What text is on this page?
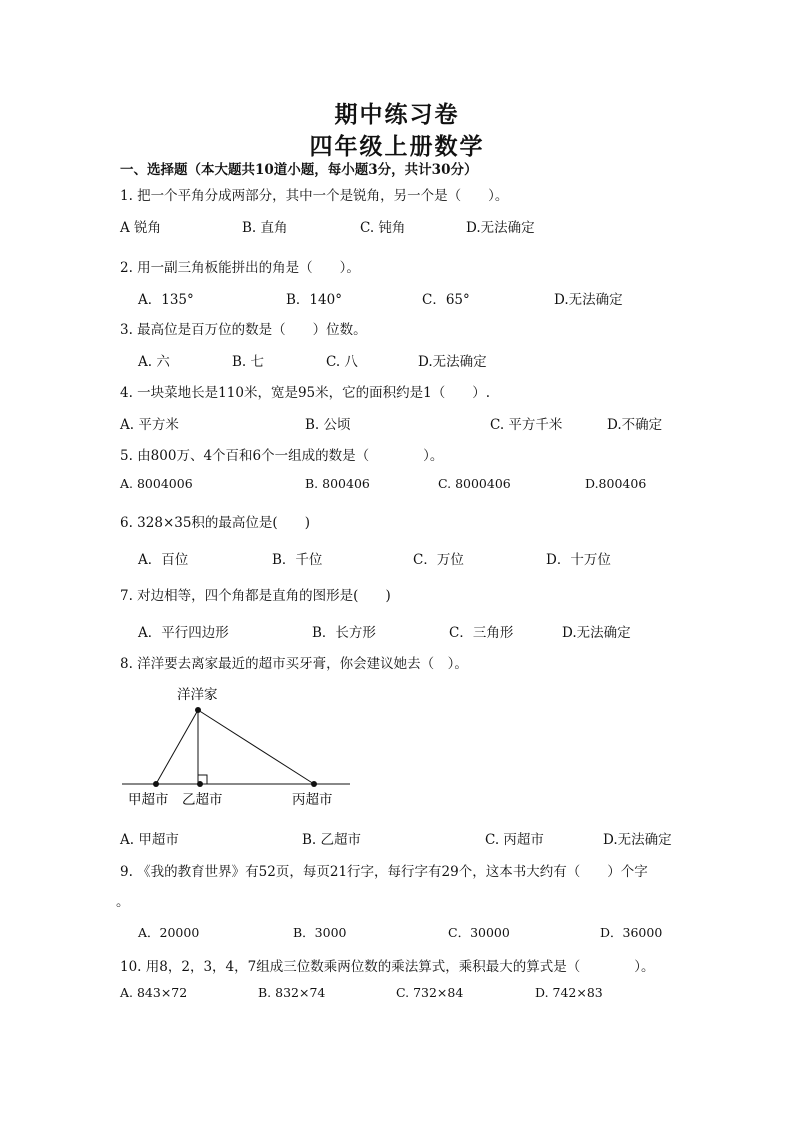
期中练习卷
四年级上册数学
一、选择题（本大题共10道小题，每小题3分，共计30分）
1. 把一个平角分成两部分，其中一个是锐角，另一个是（　　）。
A 锐角	B. 直角	C. 钝角	D.无法确定
2. 用一副三角板能拼出的角是（　　）。
A．135°	B．140°	C．65°	D.无法确定
3. 最高位是百万位的数是（　　）位数。
A. 六	B. 七	C. 八	D.无法确定
4. 一块菜地长是110米，宽是95米，它的面积约是1（　　）.
A. 平方米	B. 公顷	C. 平方千米	D.不确定
5. 由800万、4个百和6个一组成的数是（　　　　）。
A. 8004006	B. 800406	C. 8000406	D.800406
6. 328×35积的最高位是(　　)
A．百位	B．千位	C．万位	D．十万位
7. 对边相等，四个角都是直角的图形是(　　)
A．平行四边形	B．长方形	C．三角形	D.无法确定
8. 洋洋要去离家最近的超市买牙膏，你会建议她去（　）。
洋洋家
甲超市 乙超市	丙超市
A. 甲超市	B. 乙超市	C. 丙超市	D.无法确定
9. 《我的教育世界》有52页，每页21行字，每行字有29个，这本书大约有（　　）个字
。
A．20000	B．3000	C．30000	D．36000
10. 用8，2，3，4，7组成三位数乘两位数的乘法算式，乘积最大的算式是（　　　　）。
A. 843×72	B. 832×74	C. 732×84	D. 742×83
